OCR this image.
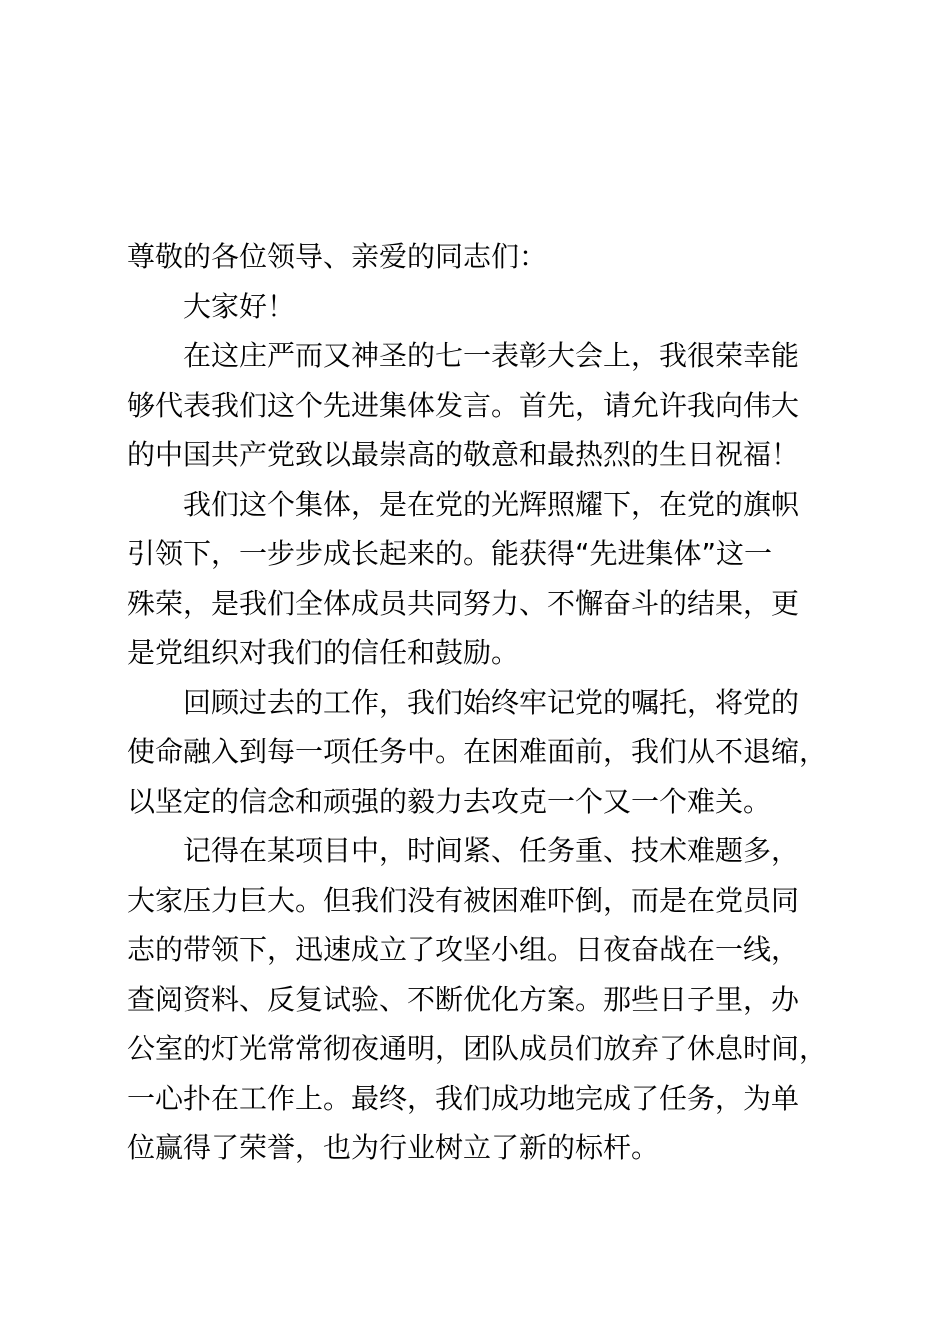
尊敬的各位领导、亲爱的同志们：
大家好！
在这庄严而又神圣的七一表彰大会上，我很荣幸能
够代表我们这个先进集体发言。首先，请允许我向伟大
的中国共产党致以最崇高的敬意和最热烈的生日祝福！
我们这个集体，是在党的光辉照耀下，在党的旗帜
引领下，一步步成长起来的。能获得“先进集体”这一
殊荣，是我们全体成员共同努力、不懈奋斗的结果，更
是党组织对我们的信任和鼓励。
回顾过去的工作，我们始终牢记党的嘱托，将党的
使命融入到每一项任务中。在困难面前，我们从不退缩，
以坚定的信念和顽强的毅力去攻克一个又一个难关。
记得在某项目中，时间紧、任务重、技术难题多，
大家压力巨大。但我们没有被困难吓倒，而是在党员同
志的带领下，迅速成立了攻坚小组。日夜奋战在一线，
查阅资料、反复试验、不断优化方案。那些日子里，办
公室的灯光常常彻夜通明，团队成员们放弃了休息时间，
一心扑在工作上。最终，我们成功地完成了任务，为单
位赢得了荣誉，也为行业树立了新的标杆。
